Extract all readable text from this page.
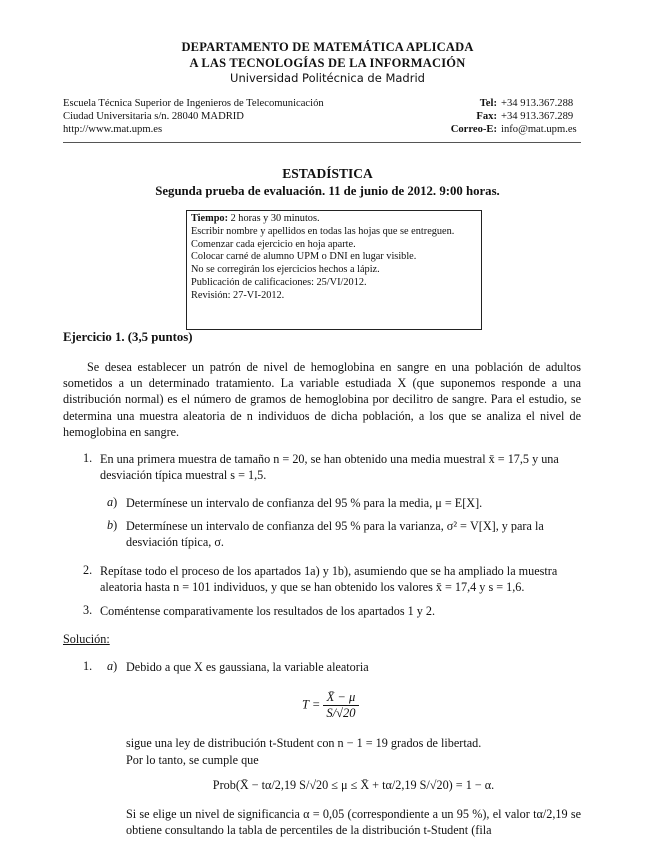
DEPARTAMENTO DE MATEMÁTICA APLICADA
A LAS TECNOLOGÍAS DE LA INFORMACIÓN
Universidad Politécnica de Madrid
Escuela Técnica Superior de Ingenieros de Telecomunicación
Ciudad Universitaria s/n. 28040 MADRID
http://www.mat.upm.es
Tel: +34 913.367.288
Fax: +34 913.367.289
Correo-E: info@mat.upm.es
ESTADÍSTICA
Segunda prueba de evaluación. 11 de junio de 2012. 9:00 horas.
Tiempo: 2 horas y 30 minutos.
Escribir nombre y apellidos en todas las hojas que se entreguen.
Comenzar cada ejercicio en hoja aparte.
Colocar carné de alumno UPM o DNI en lugar visible.
No se corregirán los ejercicios hechos a lápiz.
Publicación de calificaciones: 25/VI/2012.
Revisión: 27-VI-2012.
Ejercicio 1. (3,5 puntos)
Se desea establecer un patrón de nivel de hemoglobina en sangre en una población de adultos sometidos a un determinado tratamiento. La variable estudiada X (que suponemos responde a una distribución normal) es el número de gramos de hemoglobina por decilitro de sangre. Para el estudio, se determina una muestra aleatoria de n individuos de dicha población, a los que se analiza el nivel de hemoglobina en sangre.
1. En una primera muestra de tamaño n = 20, se han obtenido una media muestral x̄ = 17,5 y una desviación típica muestral s = 1,5.
a) Determínese un intervalo de confianza del 95 % para la media, μ = E[X].
b) Determínese un intervalo de confianza del 95 % para la varianza, σ² = V[X], y para la desviación típica, σ.
2. Repítase todo el proceso de los apartados 1a) y 1b), asumiendo que se ha ampliado la muestra aleatoria hasta n = 101 individuos, y que se han obtenido los valores x̄ = 17,4 y s = 1,6.
3. Coméntense comparativamente los resultados de los apartados 1 y 2.
Solución:
1. a) Debido a que X es gaussiana, la variable aleatoria
$T = \frac{X̄ - \mu}{S/√20}$
sigue una ley de distribución t-Student con n − 1 = 19 grados de libertad.
Por lo tanto, se cumple que
Prob(X̄ − tα/2,19 S/√20 ≤ μ ≤ X̄ + tα/2,19 S/√20) = 1 − α.
Si se elige un nivel de significancia α = 0,05 (correspondiente a un 95 %), el valor tα/2,19 se obtiene consultando la tabla de percentiles de la distribución t-Student (fila
